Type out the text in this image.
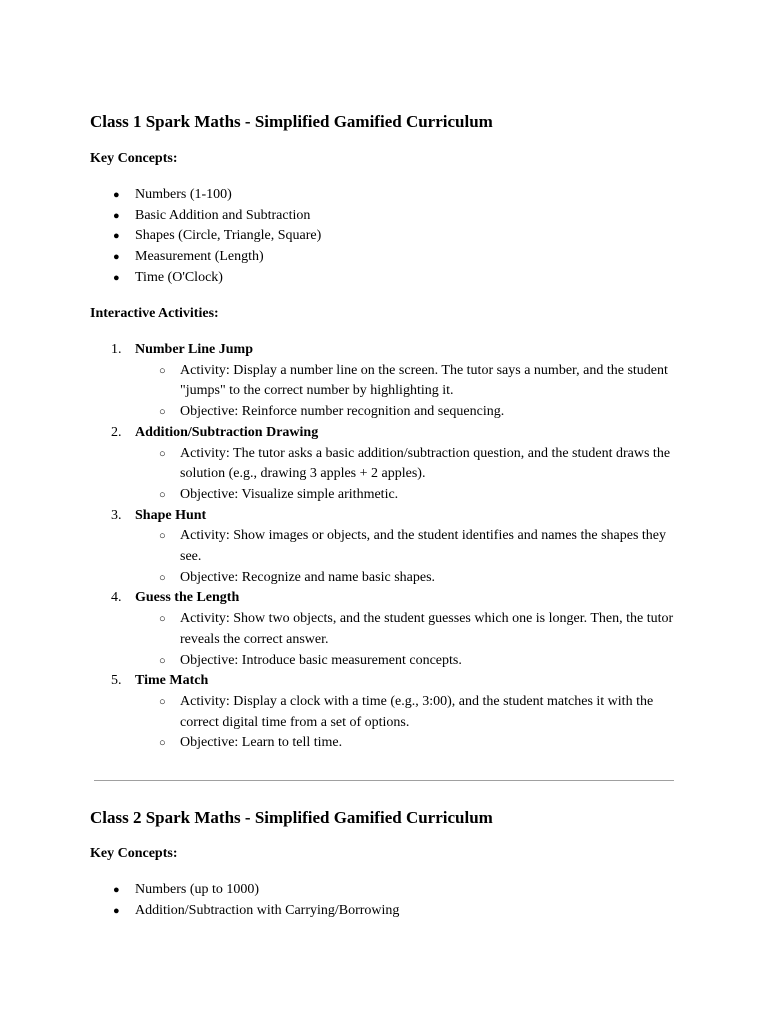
Class 1 Spark Maths - Simplified Gamified Curriculum

Key Concepts:

● Numbers (1-100)
● Basic Addition and Subtraction
● Shapes (Circle, Triangle, Square)
● Measurement (Length)
● Time (O'Clock)

Interactive Activities:

1. Number Line Jump
○ Activity: Display a number line on the screen. The tutor says a number, and the student "jumps" to the correct number by highlighting it.
○ Objective: Reinforce number recognition and sequencing.
2. Addition/Subtraction Drawing
○ Activity: The tutor asks a basic addition/subtraction question, and the student draws the solution (e.g., drawing 3 apples + 2 apples).
○ Objective: Visualize simple arithmetic.
3. Shape Hunt
○ Activity: Show images or objects, and the student identifies and names the shapes they see.
○ Objective: Recognize and name basic shapes.
4. Guess the Length
○ Activity: Show two objects, and the student guesses which one is longer. Then, the tutor reveals the correct answer.
○ Objective: Introduce basic measurement concepts.
5. Time Match
○ Activity: Display a clock with a time (e.g., 3:00), and the student matches it with the correct digital time from a set of options.
○ Objective: Learn to tell time.
Class 2 Spark Maths - Simplified Gamified Curriculum

Key Concepts:

● Numbers (up to 1000)
● Addition/Subtraction with Carrying/Borrowing
